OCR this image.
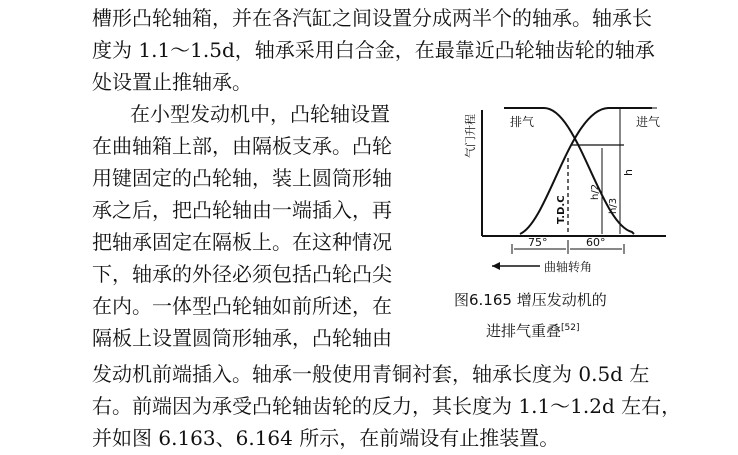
槽形凸轮轴箱，并在各汽缸之间设置分成两半个的轴承。轴承长
度为 1.1～1.5d，轴承采用白合金，在最靠近凸轮轴齿轮的轴承
处设置止推轴承。
在小型发动机中，凸轮轴设置
在曲轴箱上部，由隔板支承。凸轮
用键固定的凸轮轴，装上圆筒形轴
承之后，把凸轮轴由一端插入，再
把轴承固定在隔板上。在这种情况
下，轴承的外径必须包括凸轮凸尖
在内。一体型凸轮轴如前所述，在
隔板上设置圆筒形轴承，凸轮轴由
发动机前端插入。轴承一般使用青铜衬套，轴承长度为 0.5d 左
右。前端因为承受凸轮轴齿轮的反力，其长度为 1.1～1.2d 左右，
并如图 6.163、6.164 所示，在前端设有止推装置。
排气	进气
气门升程
T.D.C
h/2
h/3
h
75°	60°
曲轴转角
图6.165 增压发动机的
进排气重叠[52]
